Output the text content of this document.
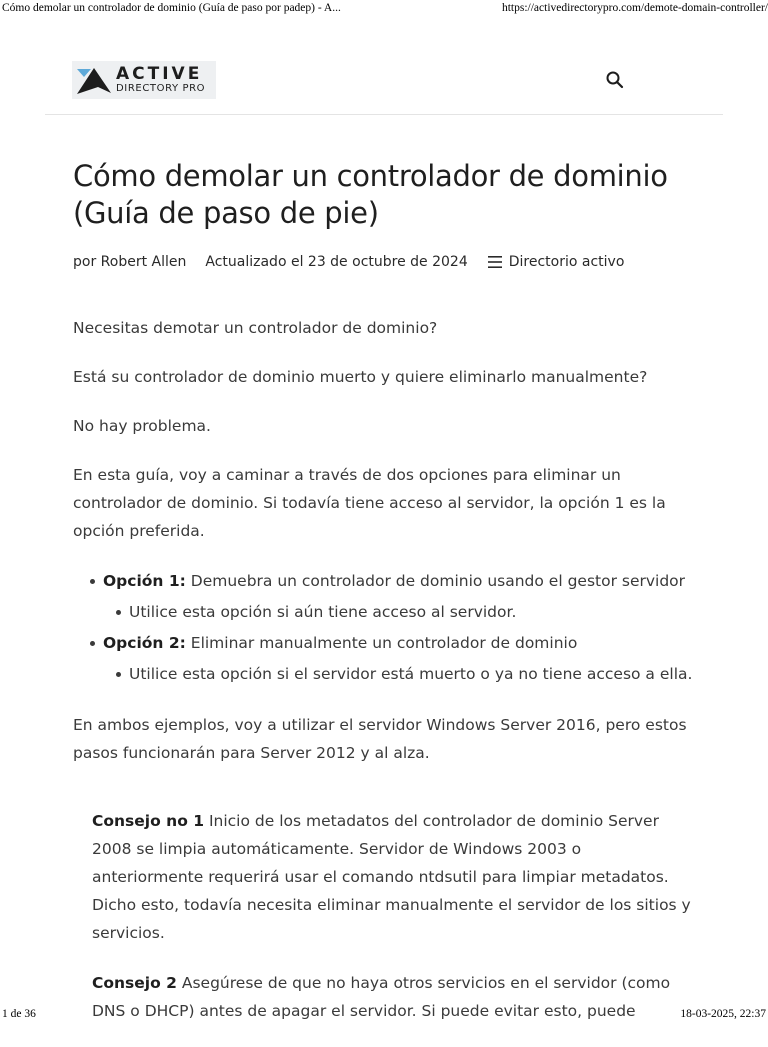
Cómo demolar un controlador de dominio (Guía de paso por padep) - A...	https://activedirectorypro.com/demote-domain-controller/
ACTIVE
DIRECTORY PRO
Cómo demolar un controlador de dominio (Guía de paso de pie)
por Robert Allen Actualizado el 23 de octubre de 2024	Directorio activo

Necesitas demotar un controlador de dominio?

Está su controlador de dominio muerto y quiere eliminarlo manualmente?

No hay problema.

En esta guía, voy a caminar a través de dos opciones para eliminar un controlador de dominio. Si todavía tiene acceso al servidor, la opción 1 es la opción preferida.

Opción 1: Demuebra un controlador de dominio usando el gestor servidor
Utilice esta opción si aún tiene acceso al servidor.
Opción 2: Eliminar manualmente un controlador de dominio
Utilice esta opción si el servidor está muerto o ya no tiene acceso a ella.

En ambos ejemplos, voy a utilizar el servidor Windows Server 2016, pero estos pasos funcionarán para Server 2012 y al alza.

Consejo no 1 Inicio de los metadatos del controlador de dominio Server 2008 se limpia automáticamente. Servidor de Windows 2003 o anteriormente requerirá usar el comando ntdsutil para limpiar metadatos. Dicho esto, todavía necesita eliminar manualmente el servidor de los sitios y servicios.

Consejo 2 Asegúrese de que no haya otros servicios en el servidor (como DNS o DHCP) antes de apagar el servidor. Si puede evitar esto, puede

1 de 36	18-03-2025, 22:37
